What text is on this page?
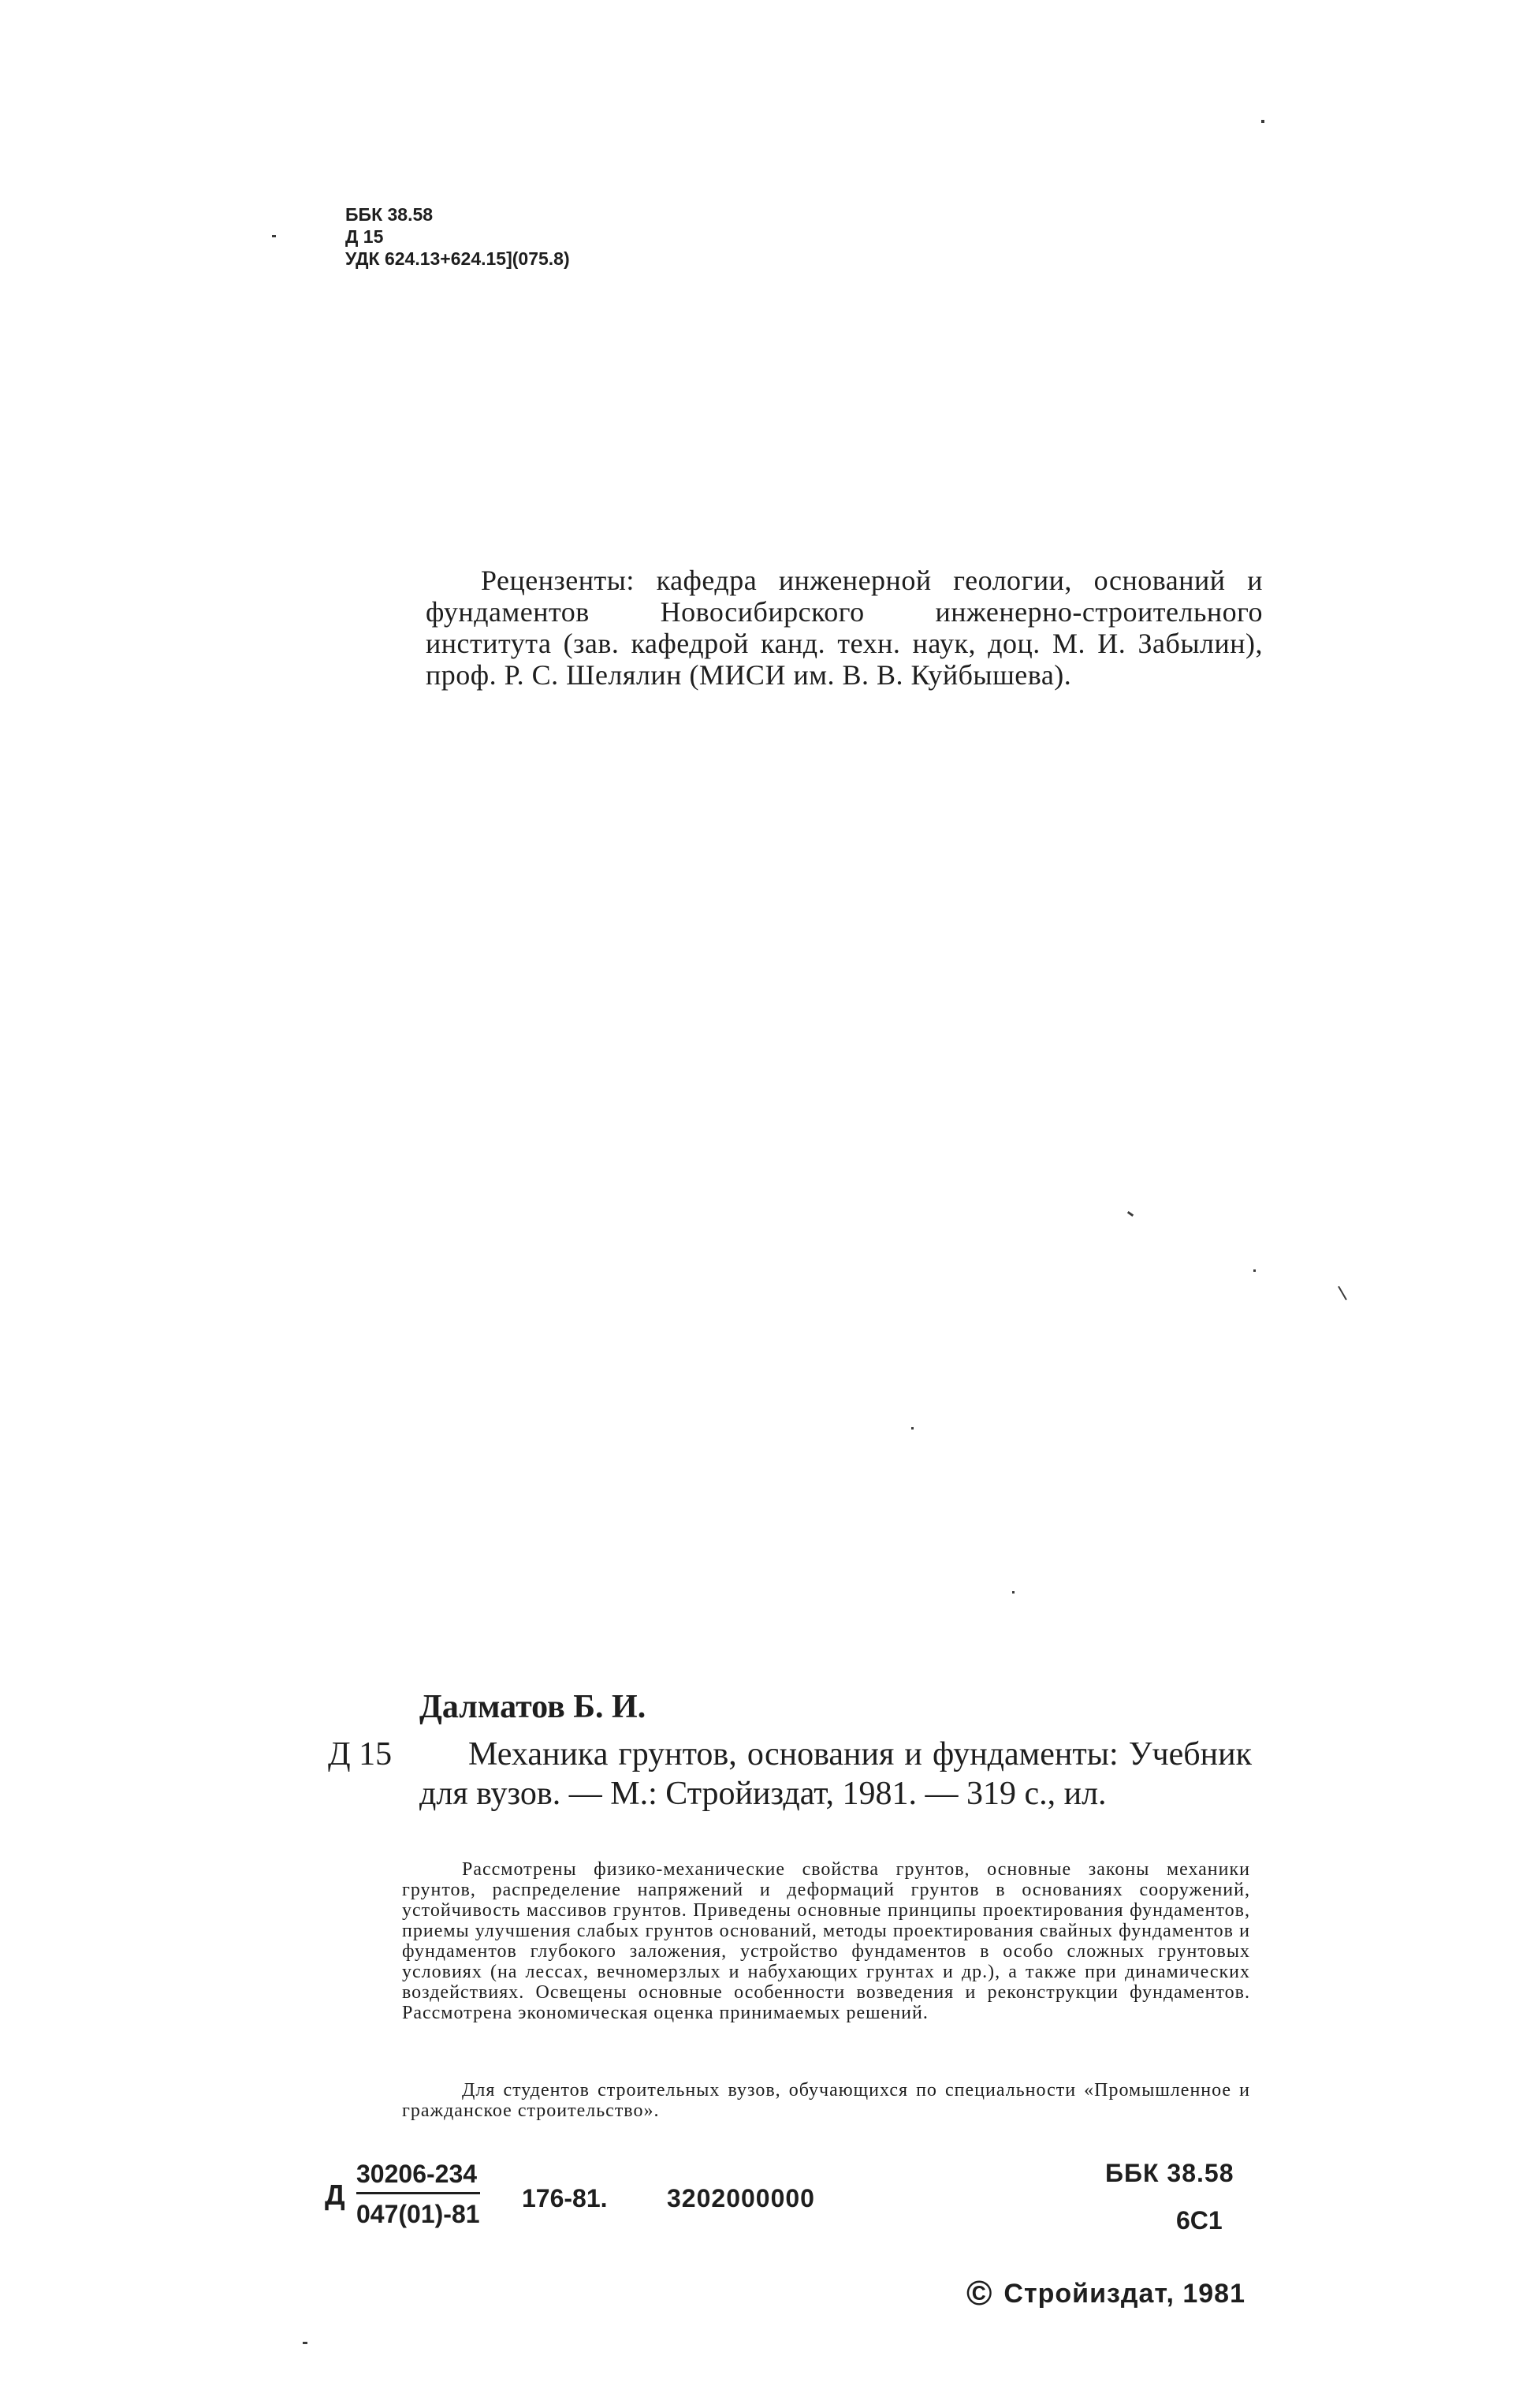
ББК 38.58
Д 15
УДК 624.13+624.15](075.8)

Рецензенты: кафедра инженерной геологии, оснований и фундаментов Новосибирского инженерно-строительного института (зав. кафедрой канд. техн. наук, доц. М. И. Забылин), проф. Р. С. Шелялин (МИСИ им. В. В. Куйбышева).

Далматов Б. И.
Д 15	Механика грунтов, основания и фундаменты: Учебник для вузов. — М.: Стройиздат, 1981. — 319 с., ил.

Рассмотрены физико-механические свойства грунтов, основные законы механики грунтов, распределение напряжений и деформаций грунтов в основаниях сооружений, устойчивость массивов грунтов. Приведены основные принципы проектирования фундаментов, приемы улучшения слабых грунтов оснований, методы проектирования свайных фундаментов и фундаментов глубокого заложения, устройство фундаментов в особо сложных грунтовых условиях (на лессах, вечномерзлых и набухающих грунтах и др.), а также при динамических воздействиях. Освещены основные особенности возведения и реконструкции фундаментов. Рассмотрена экономическая оценка принимаемых решений.

Для студентов строительных вузов, обучающихся по специальности «Промышленное и гражданское строительство».

Д $\frac{30206-234}{047(01)-81} 176-81$. 3202000000
ББК 38.58
6С1
© Стройиздат, 1981
